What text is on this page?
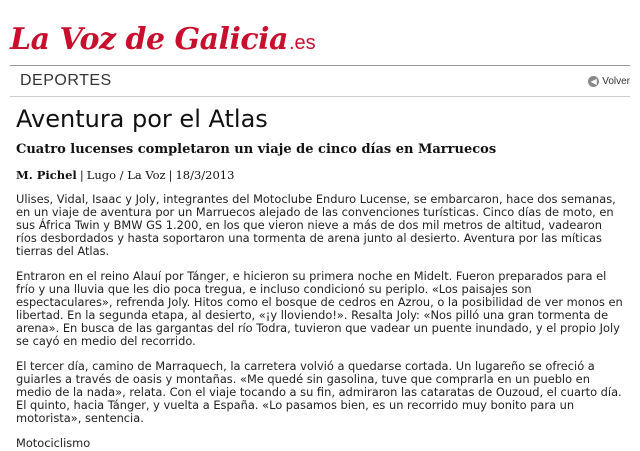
La Voz de Galicia .es
DEPORTES	◀ Volver
Aventura por el Atlas
Cuatro lucenses completaron un viaje de cinco días en Marruecos
M. Pichel | Lugo / La Voz | 18/3/2013

Ulises, Vidal, Isaac y Joly, integrantes del Motoclube Enduro Lucense, se embarcaron, hace dos semanas, en un viaje de aventura por un Marruecos alejado de las convenciones turísticas. Cinco días de moto, en sus África Twin y BMW GS 1.200, en los que vieron nieve a más de dos mil metros de altitud, vadearon ríos desbordados y hasta soportaron una tormenta de arena junto al desierto. Aventura por las míticas tierras del Atlas.

Entraron en el reino Alauí por Tánger, e hicieron su primera noche en Midelt. Fueron preparados para el frío y una lluvia que les dio poca tregua, e incluso condicionó su periplo. «Los paisajes son espectaculares», refrenda Joly. Hitos como el bosque de cedros en Azrou, o la posibilidad de ver monos en libertad. En la segunda etapa, al desierto, «¡y lloviendo!». Resalta Joly: «Nos pilló una gran tormenta de arena». En busca de las gargantas del río Todra, tuvieron que vadear un puente inundado, y el propio Joly se cayó en medio del recorrido.

El tercer día, camino de Marraquech, la carretera volvió a quedarse cortada. Un lugareño se ofreció a guiarles a través de oasis y montañas. «Me quedé sin gasolina, tuve que comprarla en un pueblo en medio de la nada», relata. Con el viaje tocando a su fin, admiraron las cataratas de Ouzoud, el cuarto día. El quinto, hacia Tánger, y vuelta a España. «Lo pasamos bien, es un recorrido muy bonito para un motorista», sentencia.

Motociclismo
